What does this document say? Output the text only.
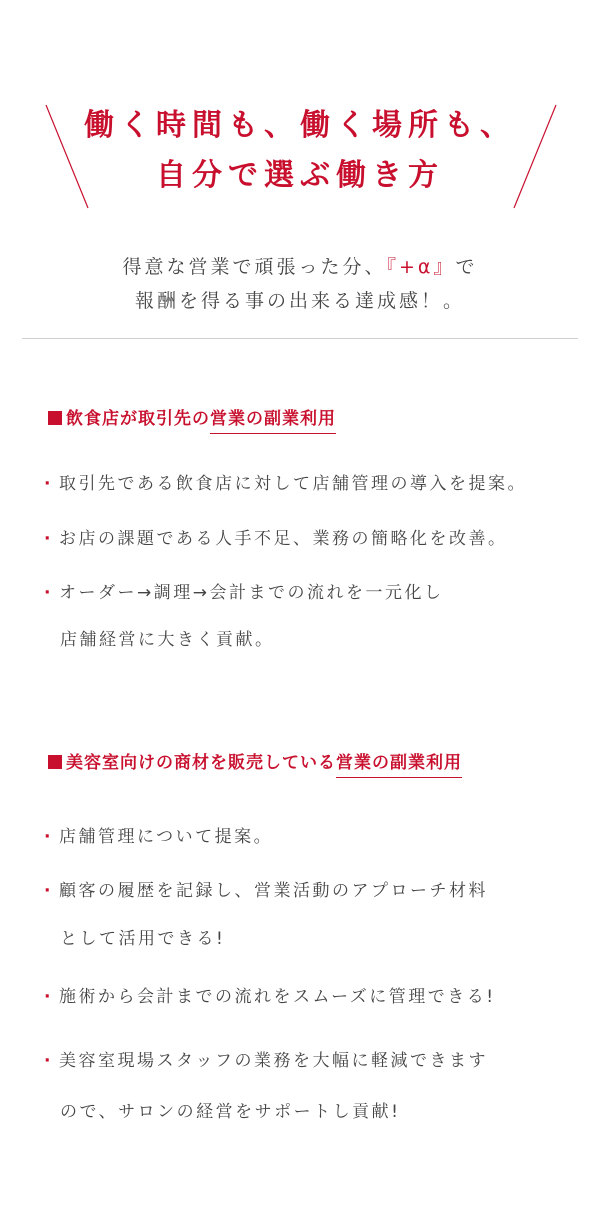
働く時間も、働く場所も、
自分で選ぶ働き方
得意な営業で頑張った分、『+α』で
報酬を得る事の出来る達成感！。
飲食店が取引先の営業の副業利用
· 取引先である飲食店に対して店舗管理の導入を提案。
· お店の課題である人手不足、業務の簡略化を改善。
· オーダー→調理→会計までの流れを一元化し
店舗経営に大きく貢献。
美容室向けの商材を販売している営業の副業利用
· 店舗管理について提案。
· 顧客の履歴を記録し、営業活動のアプローチ材料
として活用できる!
· 施術から会計までの流れをスムーズに管理できる!
· 美容室現場スタッフの業務を大幅に軽減できます
ので、サロンの経営をサポートし貢献!
